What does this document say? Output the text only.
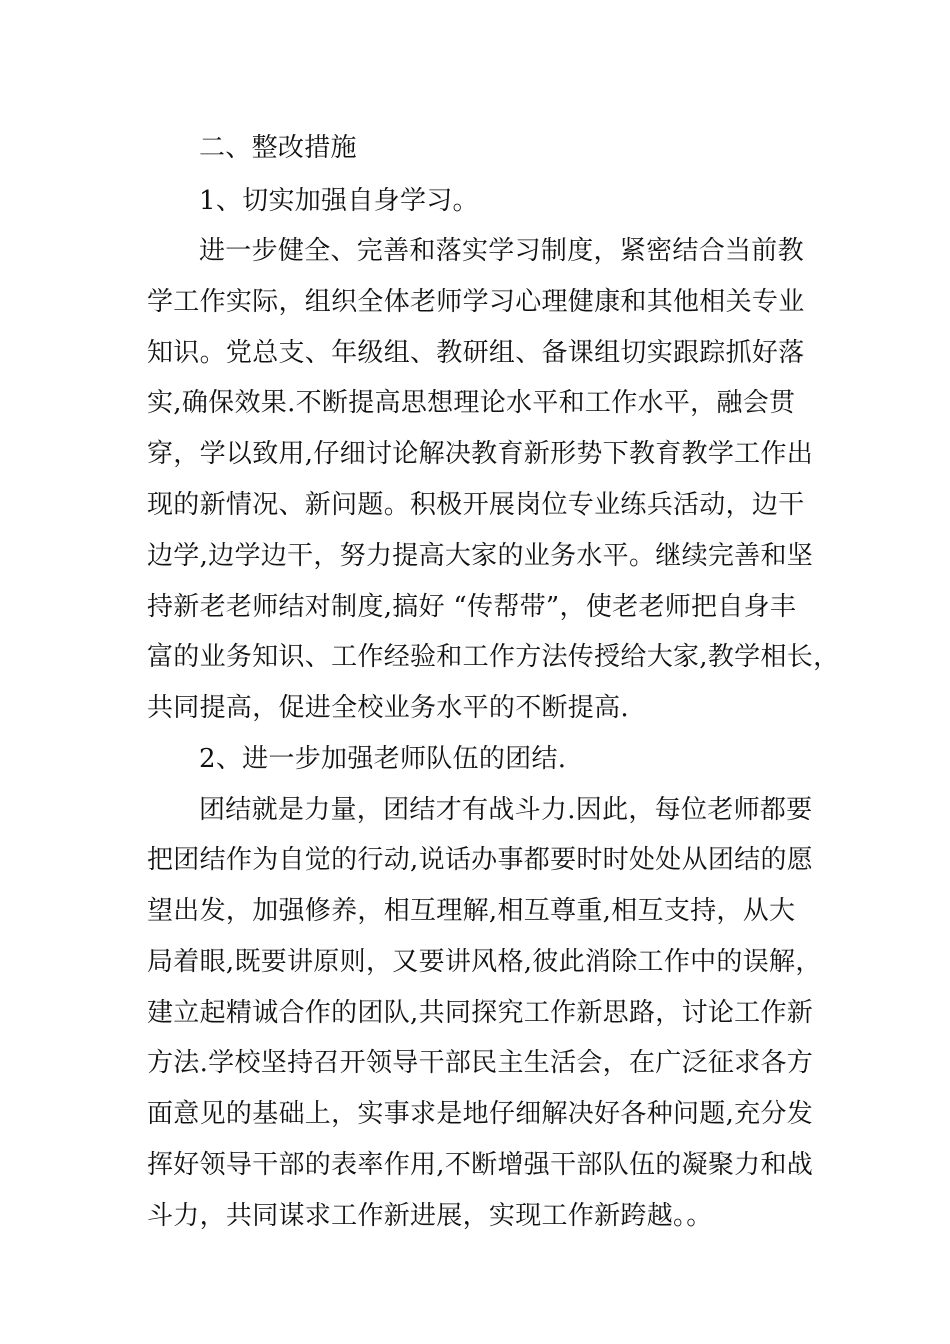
二、整改措施
1、切实加强自身学习。
进一步健全、完善和落实学习制度，紧密结合当前教
学工作实际，组织全体老师学习心理健康和其他相关专业
知识。党总支、年级组、教研组、备课组切实跟踪抓好落
实,确保效果.不断提高思想理论水平和工作水平，融会贯
穿，学以致用,仔细讨论解决教育新形势下教育教学工作出
现的新情况、新问题。积极开展岗位专业练兵活动，边干
边学,边学边干，努力提高大家的业务水平。继续完善和坚
持新老老师结对制度,搞好 “传帮带”，使老老师把自身丰
富的业务知识、工作经验和工作方法传授给大家,教学相长，
共同提高，促进全校业务水平的不断提高.
2、进一步加强老师队伍的团结.
团结就是力量，团结才有战斗力.因此，每位老师都要
把团结作为自觉的行动,说话办事都要时时处处从团结的愿
望出发，加强修养，相互理解,相互尊重,相互支持，从大
局着眼,既要讲原则，又要讲风格,彼此消除工作中的误解，
建立起精诚合作的团队,共同探究工作新思路，讨论工作新
方法.学校坚持召开领导干部民主生活会，在广泛征求各方
面意见的基础上，实事求是地仔细解决好各种问题,充分发
挥好领导干部的表率作用,不断增强干部队伍的凝聚力和战
斗力，共同谋求工作新进展，实现工作新跨越。。
